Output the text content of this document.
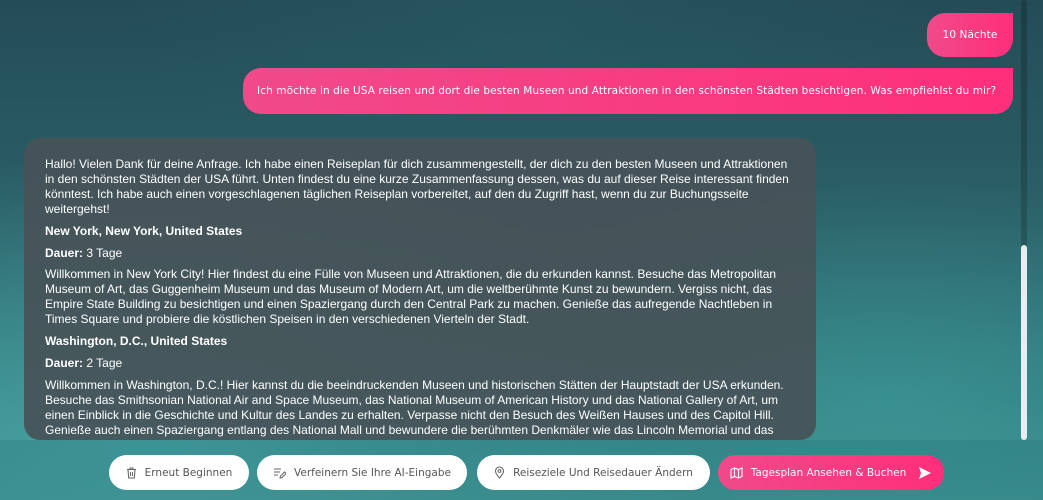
10 Nächte
Ich möchte in die USA reisen und dort die besten Museen und Attraktionen in den schönsten Städten besichtigen. Was empfiehlst du mir?

Hallo! Vielen Dank für deine Anfrage. Ich habe einen Reiseplan für dich zusammengestellt, der dich zu den besten Museen und Attraktionen in den schönsten Städten der USA führt. Unten findest du eine kurze Zusammenfassung dessen, was du auf dieser Reise interessant finden könntest. Ich habe auch einen vorgeschlagenen täglichen Reiseplan vorbereitet, auf den du Zugriff hast, wenn du zur Buchungsseite weitergehst!

New York, New York, United States

Dauer: 3 Tage

Willkommen in New York City! Hier findest du eine Fülle von Museen und Attraktionen, die du erkunden kannst. Besuche das Metropolitan Museum of Art, das Guggenheim Museum und das Museum of Modern Art, um die weltberühmte Kunst zu bewundern. Vergiss nicht, das Empire State Building zu besichtigen und einen Spaziergang durch den Central Park zu machen. Genieße das aufregende Nachtleben in Times Square und probiere die köstlichen Speisen in den verschiedenen Vierteln der Stadt.

Washington, D.C., United States

Dauer: 2 Tage

Willkommen in Washington, D.C.! Hier kannst du die beeindruckenden Museen und historischen Stätten der Hauptstadt der USA erkunden. Besuche das Smithsonian National Air and Space Museum, das National Museum of American History und das National Gallery of Art, um einen Einblick in die Geschichte und Kultur des Landes zu erhalten. Verpasse nicht den Besuch des Weißen Hauses und des Capitol Hill. Genieße auch einen Spaziergang entlang des National Mall und bewundere die berühmten Denkmäler wie das Lincoln Memorial und das

Erneut Beginnen	Verfeinern Sie Ihre AI-Eingabe	Reiseziele Und Reisedauer Ändern	Tagesplan Ansehen & Buchen
